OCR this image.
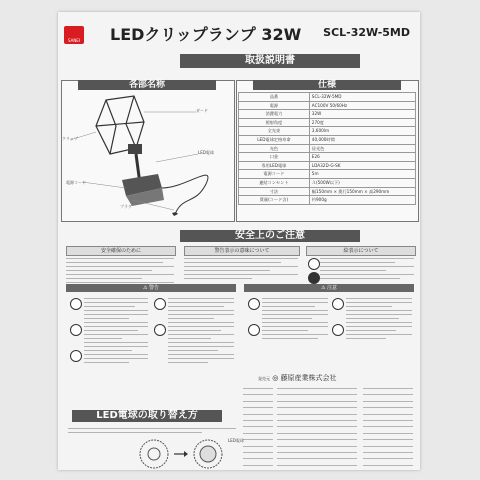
SANEI LEDクリップランプ 32W SCL-32W-5MD
取扱説明書
各部名称
ガード
クリップ
LED電球
電源コード
プラグ
仕様
品番	SCL-32W-5MD
電源	AC100V 50/60Hz
消費電力	32W
照射角度	270度
全光束	3,600lm
LED電球定格寿命	40,000時間
光色	昼光色
口金	E26
専用LED電球	LDA32D-G-SK
電源コード	5m
連結コンセント	Ａ(500W以下)
寸法	幅150mm × 奥行150mm × 高290mm
質量(コード含)	約900g
安全上のご注意
安全確保のために	警告表示の意味について	絵表示について
⚠ 警告	⚠ 注意
発売元 ◎ 藤原産業株式会社
LED電球の取り替え方
LED電球
